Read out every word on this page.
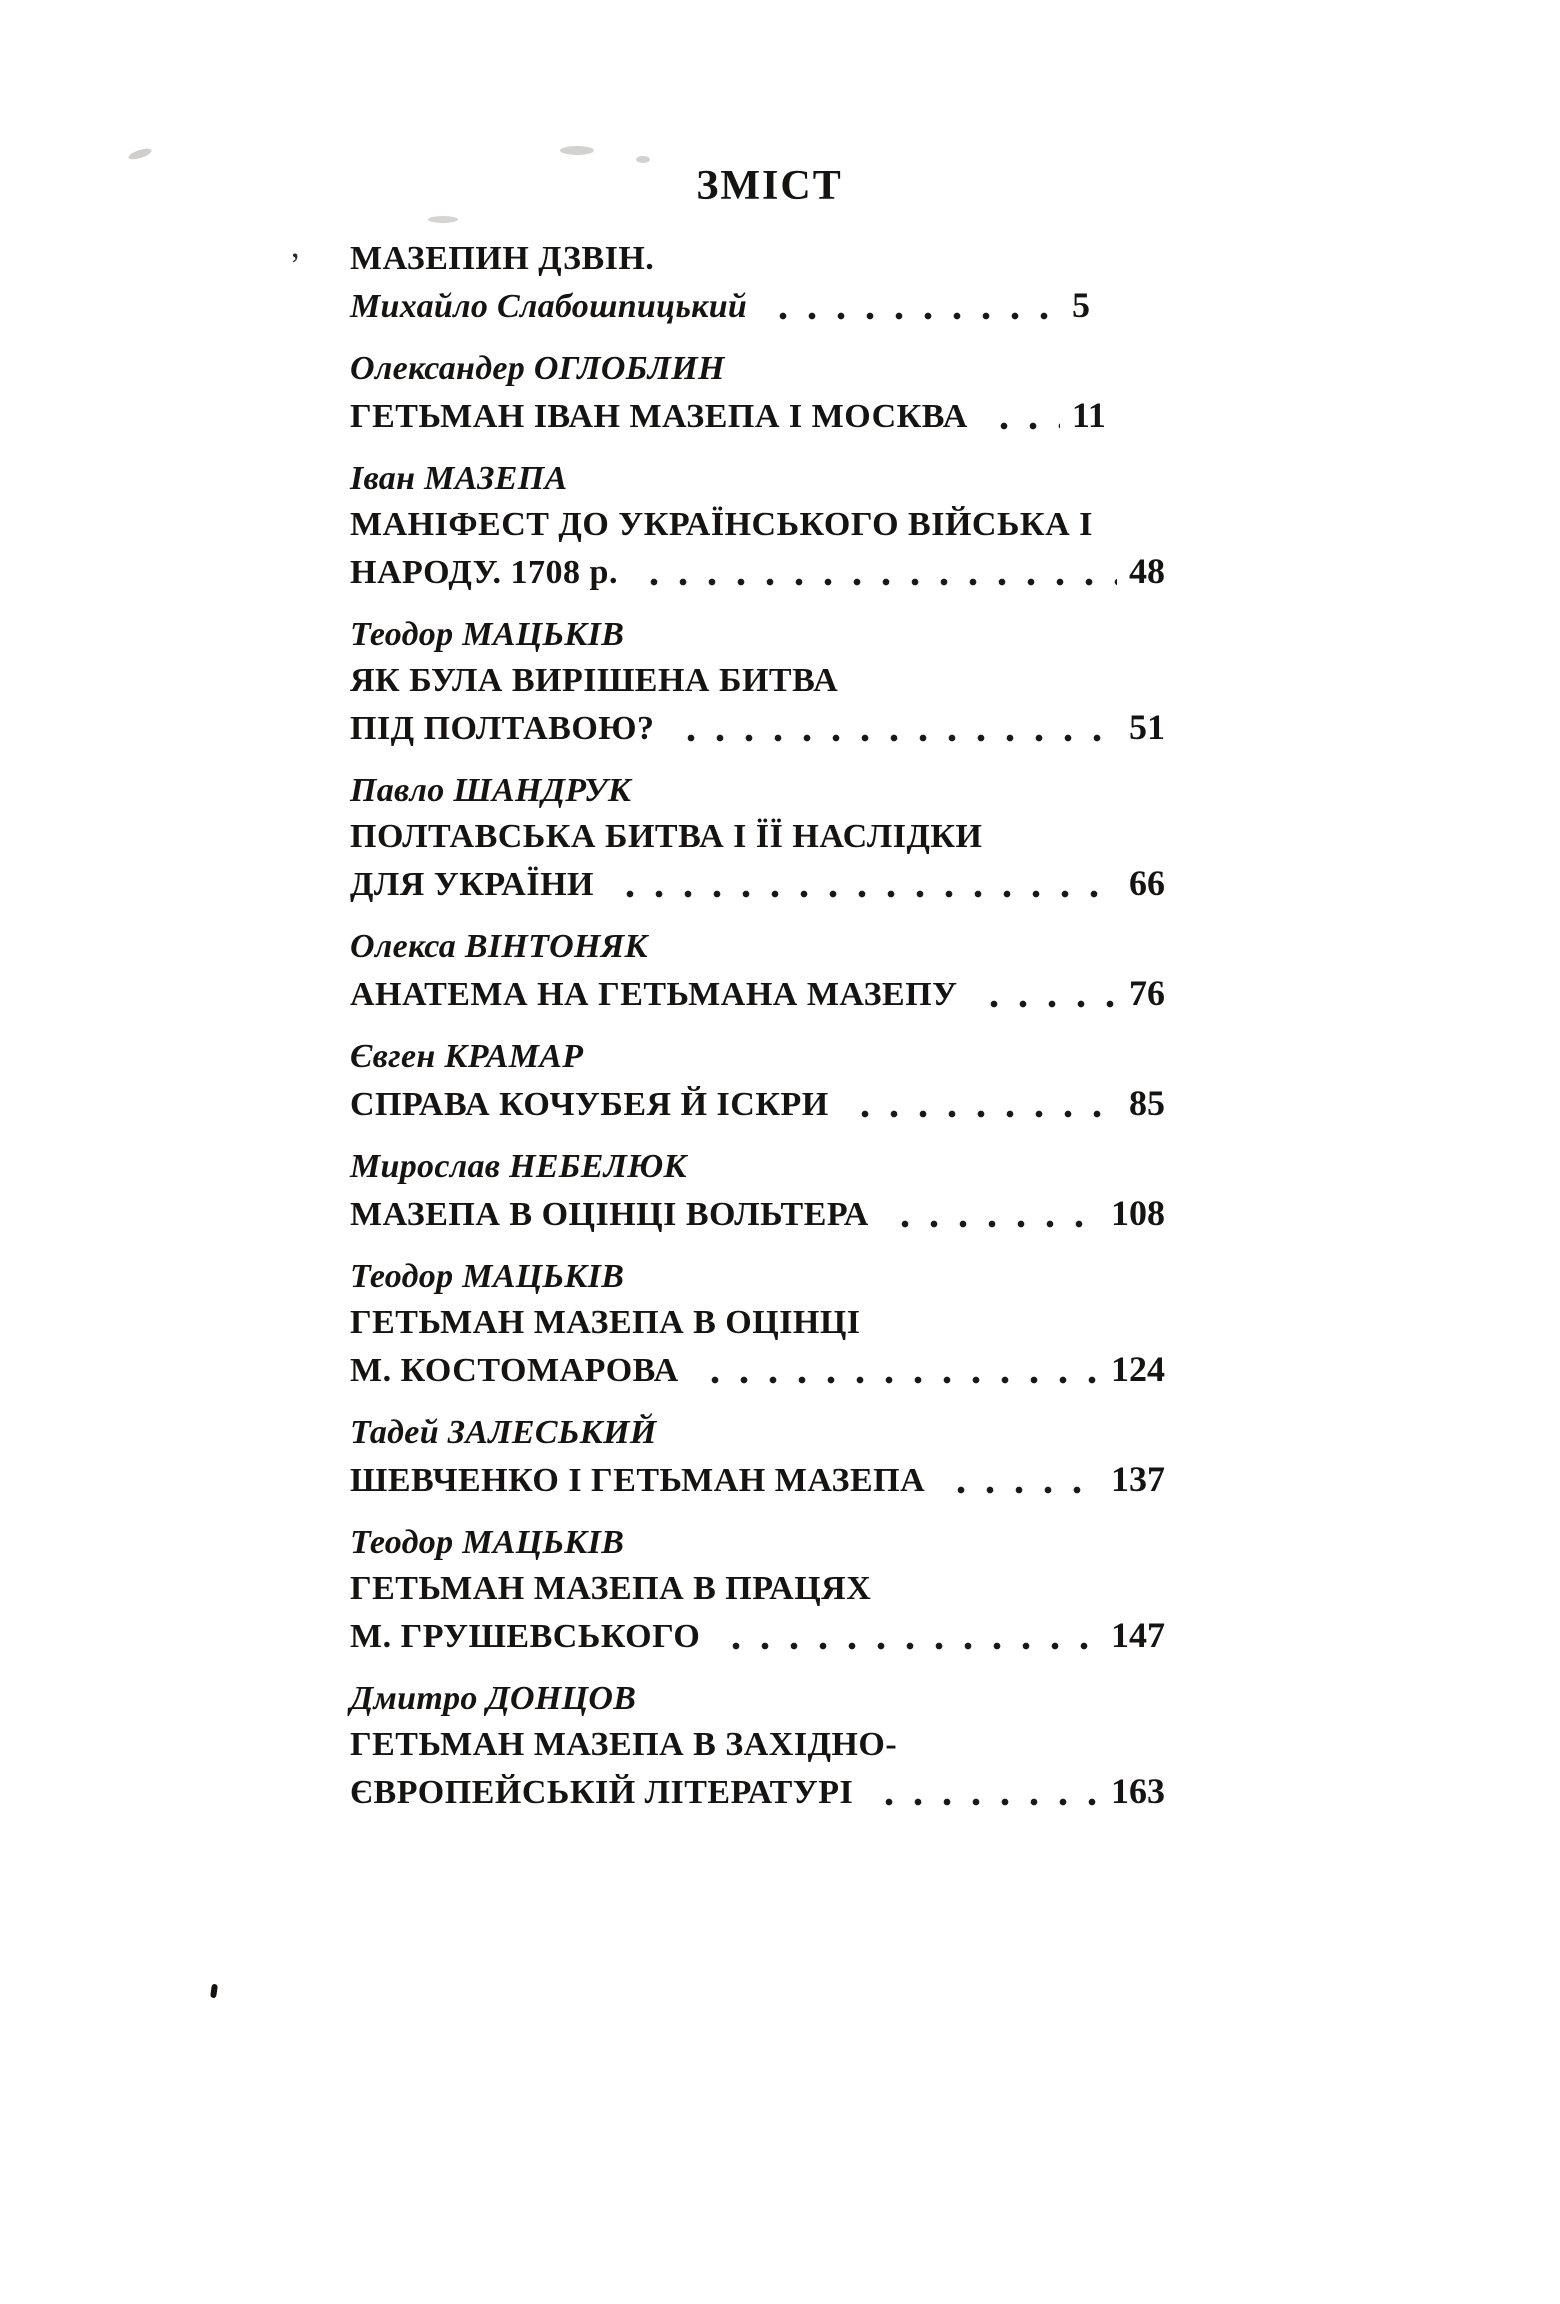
,
ЗМІСТ
МАЗЕПИН ДЗВІН.
Михайло Слабошпицький	5
Олександер ОГЛОБЛИН
ГЕТЬМАН ІВАН МАЗЕПА І МОСКВА	11
Іван МАЗЕПА
МАНІФЕСТ ДО УКРАЇНСЬКОГО ВІЙСЬКА І
НАРОДУ. 1708 р.	48
Теодор МАЦЬКІВ
ЯК БУЛА ВИРІШЕНА БИТВА
ПІД ПОЛТАВОЮ?	51
Павло ШАНДРУК
ПОЛТАВСЬКА БИТВА І ЇЇ НАСЛІДКИ
ДЛЯ УКРАЇНИ	66
Олекса ВІНТОНЯК
АНАТЕМА НА ГЕТЬМАНА МАЗЕПУ	76
Євген КРАМАР
СПРАВА КОЧУБЕЯ Й ІСКРИ	85
Мирослав НЕБЕЛЮК
МАЗЕПА В ОЦІНЦІ ВОЛЬТЕРА	108
Теодор МАЦЬКІВ
ГЕТЬМАН МАЗЕПА В ОЦІНЦІ
М. КОСТОМАРОВА	124
Тадей ЗАЛЕСЬКИЙ
ШЕВЧЕНКО І ГЕТЬМАН МАЗЕПА	137
Теодор МАЦЬКІВ
ГЕТЬМАН МАЗЕПА В ПРАЦЯХ
М. ГРУШЕВСЬКОГО	147
Дмитро ДОНЦОВ
ГЕТЬМАН МАЗЕПА В ЗАХІДНО-
ЄВРОПЕЙСЬКІЙ ЛІТЕРАТУРІ	163
